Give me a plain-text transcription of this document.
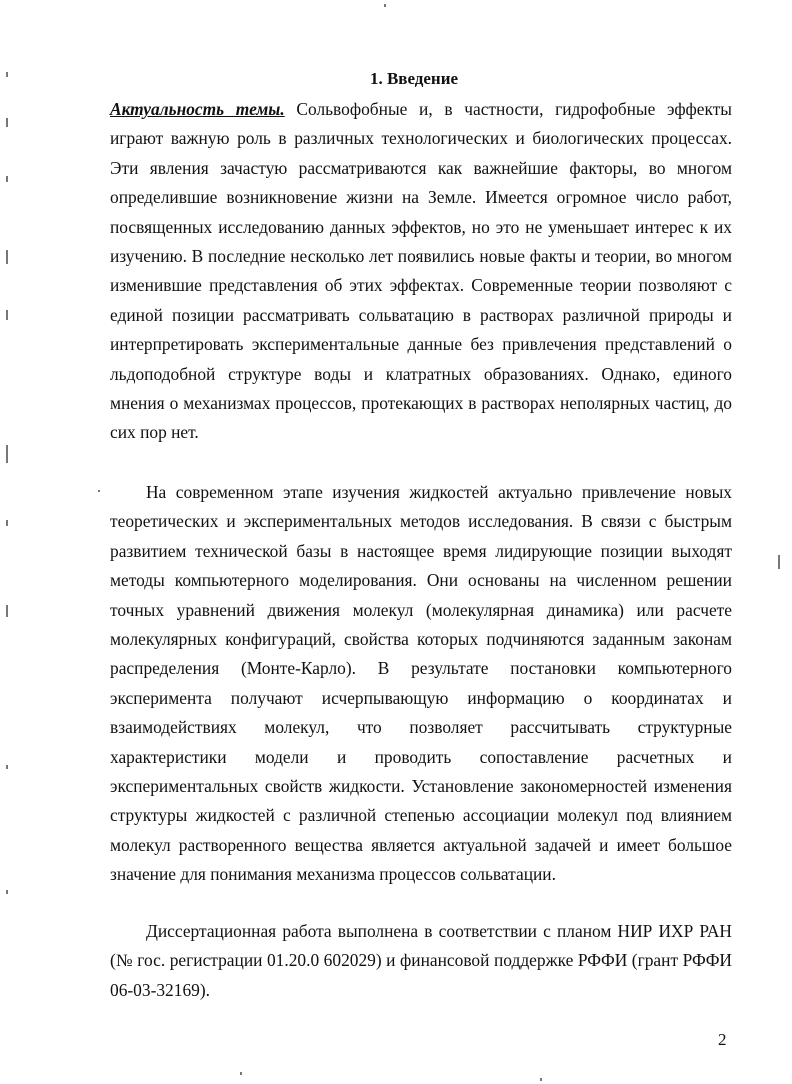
1. Введение
Актуальность темы. Сольвофобные и, в частности, гидрофобные эффекты играют важную роль в различных технологических и биологических процессах. Эти явления зачастую рассматриваются как важнейшие факторы, во многом определившие возникновение жизни на Земле. Имеется огромное число работ, посвященных исследованию данных эффектов, но это не уменьшает интерес к их изучению. В последние несколько лет появились новые факты и теории, во многом изменившие представления об этих эффектах. Современные теории позволяют с единой позиции рассматривать сольватацию в растворах различной природы и интерпретировать экспериментальные данные без привлечения представлений о льдоподобной структуре воды и клатратных образованиях. Однако, единого мнения о механизмах процессов, протекающих в растворах неполярных частиц, до сих пор нет.
На современном этапе изучения жидкостей актуально привлечение новых теоретических и экспериментальных методов исследования. В связи с быстрым развитием технической базы в настоящее время лидирующие позиции выходят методы компьютерного моделирования. Они основаны на численном решении точных уравнений движения молекул (молекулярная динамика) или расчете молекулярных конфигураций, свойства которых подчиняются заданным законам распределения (Монте-Карло). В результате постановки компьютерного эксперимента получают исчерпывающую информацию о координатах и взаимодействиях молекул, что позволяет рассчитывать структурные характеристики модели и проводить сопоставление расчетных и экспериментальных свойств жидкости. Установление закономерностей изменения структуры жидкостей с различной степенью ассоциации молекул под влиянием молекул растворенного вещества является актуальной задачей и имеет большое значение для понимания механизма процессов сольватации.
Диссертационная работа выполнена в соответствии с планом НИР ИХР РАН (№ гос. регистрации 01.20.0 602029) и финансовой поддержке РФФИ (грант РФФИ 06-03-32169).
2
